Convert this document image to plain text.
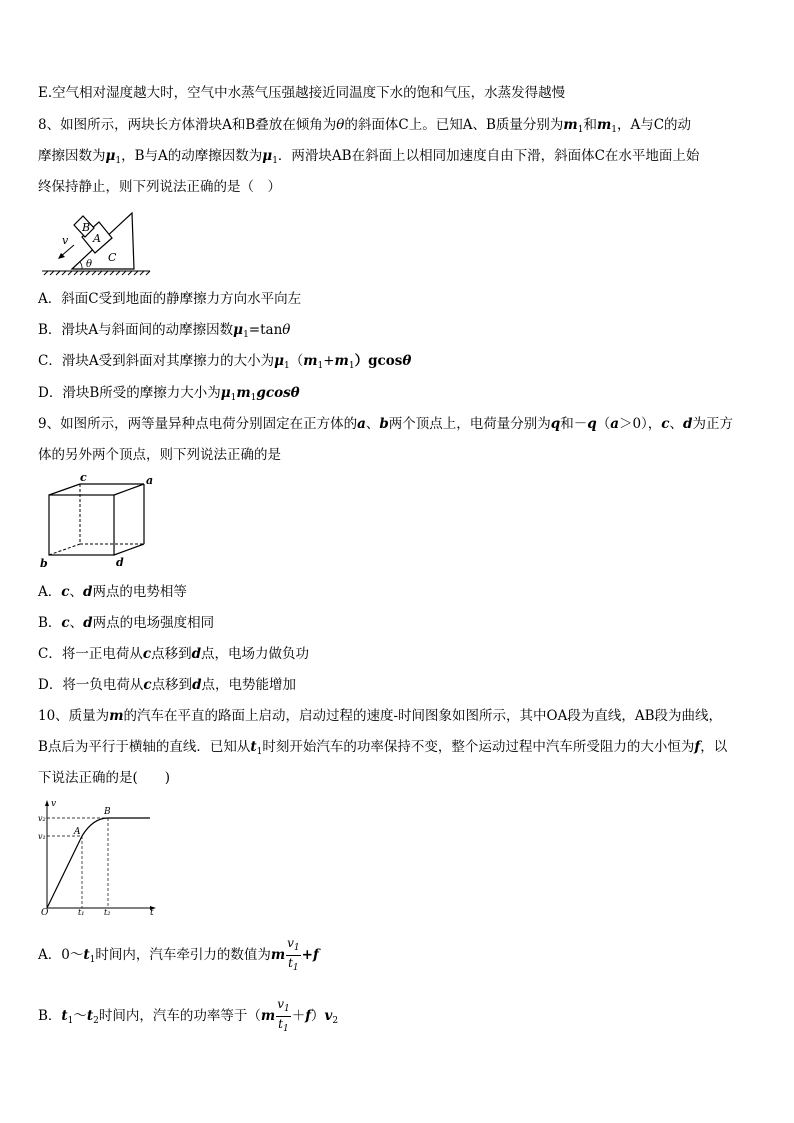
E.空气相对湿度越大时，空气中水蒸气压强越接近同温度下水的饱和气压，水蒸发得越慢
8、如图所示，两块长方体滑块A和B叠放在倾角为θ的斜面体C上。已知A、B质量分别为$m_1$和$m_1$，A与C的动
摩擦因数为$\mu_1$，B与A的动摩擦因数为$\mu_1$．两滑块AB在斜面上以相同加速度自由下滑，斜面体C在水平地面上始
终保持静止，则下列说法正确的是（　）
B
A
C
v
θ
A．斜面C受到地面的静摩擦力方向水平向左
B．滑块A与斜面间的动摩擦因数$\mu_1=\tan\theta$
C．滑块A受到斜面对其摩擦力的大小为$\mu_1(m_1+m_1)gcos\theta$
D．滑块B所受的摩擦力大小为$\mu_1m_1gcos\theta$
9、如图所示，两等量异种点电荷分别固定在正方体的a、b两个顶点上，电荷量分别为q和－q（a＞0），c、d为正方
体的另外两个顶点，则下列说法正确的是
c	a
d
b
A．c、d两点的电势相等
B．c、d两点的电场强度相同
C．将一正电荷从c点移到d点，电场力做负功
D．将一负电荷从c点移到d点，电势能增加
10、质量为m的汽车在平直的路面上启动，启动过程的速度-时间图象如图所示，其中OA段为直线，AB段为曲线，
B点后为平行于横轴的直线．已知从$t_1$时刻开始汽车的功率保持不变，整个运动过程中汽车所受阻力的大小恒为f，以
下说法正确的是(　　)
v
v₂
v₁	A
B
O	t₁ t₂	t
A．$0\sim t_1$时间内，汽车牵引力的数值为m $\frac{v_1}{t_1} +f$
B．$t_1\sim t_2$时间内，汽车的功率等于$(m \frac{v_1}{t_1} +f)v_2$
